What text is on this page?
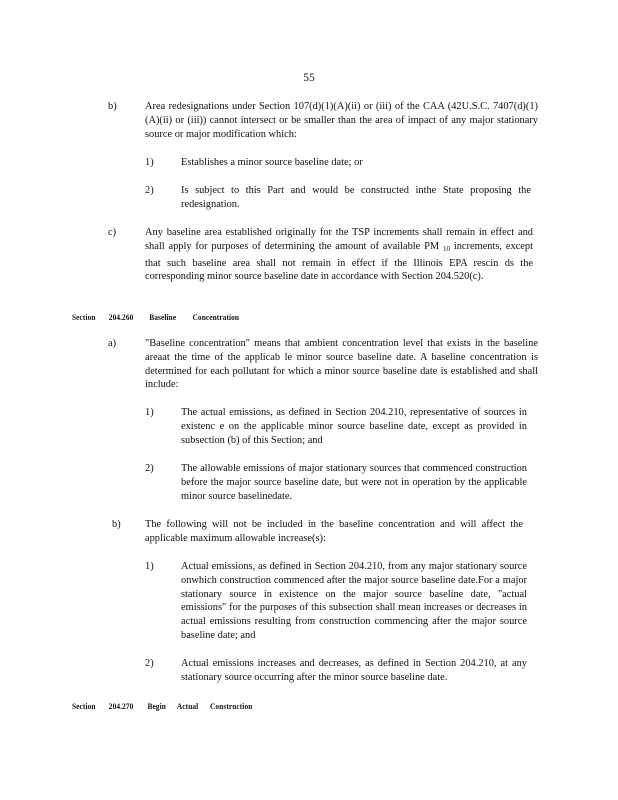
55
b)	Area redesignations under Section 107(d)(1)(A)(ii) or (iii) of the CAA (42U.S.C. 7407(d)(1)(A)(ii) or (iii)) cannot intersect or be smaller than the area of impact of any major stationary source or major modification which:
1)	Establishes a minor source baseline date; or
2)	Is subject to this Part and would be constructed inthe State proposing the redesignation.
c)	Any baseline area established originally for the TSP increments shall remain in effect and shall apply for purposes of determining the amount of available PM $_{10}$ increments, except that such baseline area shall not remain in effect if the Illinois EPA rescin ds the corresponding minor source baseline date in accordance with Section 204.520(c).
Section 204.260 Baseline Concentration
a)	"Baseline concentration" means that ambient concentration level that exists in the baseline areaat the time of the applicab le minor source baseline date. A baseline concentration is determined for each pollutant for which a minor source baseline date is established and shall include:
1)	The actual emissions, as defined in Section 204.210, representative of sources in existenc e on the applicable minor source baseline date, except as provided in subsection (b) of this Section; and
2)	The allowable emissions of major stationary sources that commenced construction before the major source baseline date, but were not in operation by the applicable minor source baselinedate.
b) The following will not be included in the baseline concentration and will affect the applicable maximum allowable increase(s):
1)	Actual emissions, as defined in Section 204.210, from any major stationary source onwhich construction commenced after the major source baseline date.For a major stationary source in existence on the major source baseline date, "actual emissions" for the purposes of this subsection shall mean increases or decreases in actual emissions resulting from construction commencing after the major source baseline date; and
2)	Actual emissions increases and decreases, as defined in Section 204.210, at any stationary source occurring after the minor source baseline date.
Section 204.270 Begin Actual Construction
